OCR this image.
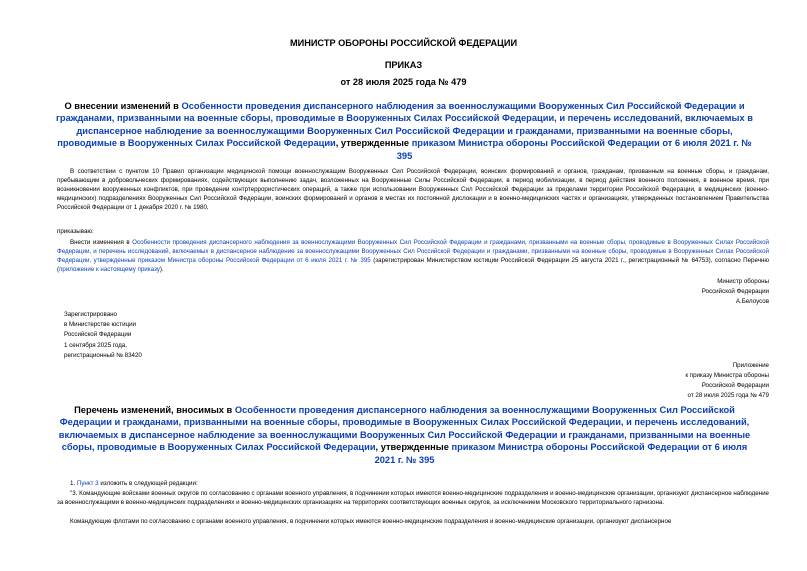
МИНИСТР ОБОРОНЫ РОССИЙСКОЙ ФЕДЕРАЦИИ
ПРИКАЗ
от 28 июля 2025 года № 479
О внесении изменений в Особенности проведения диспансерного наблюдения за военнослужащими Вооруженных Сил Российской Федерации и гражданами, призванными на военные сборы, проводимые в Вооруженных Силах Российской Федерации, и перечень исследований, включаемых в диспансерное наблюдение за военнослужащими Вооруженных Сил Российской Федерации и гражданами, призванными на военные сборы, проводимые в Вооруженных Силах Российской Федерации, утвержденные приказом Министра обороны Российской Федерации от 6 июля 2021 г. № 395
В соответствии с пунктом 10 Правил организации медицинской помощи военнослужащим Вооруженных Сил Российской Федерации, воинских формирований и органов, гражданам, призванным на военные сборы, и гражданам, пребывающим в добровольческих формированиях, содействующих выполнению задач, возложенных на Вооруженные Силы Российской Федерации, в период мобилизации, в период действия военного положения, в военное время, при возникновении вооруженных конфликтов, при проведении контртеррористических операций, а также при использовании Вооруженных Сил Российской Федерации за пределами территории Российской Федерации, в медицинских (военно-медицинских) подразделениях Вооруженных Сил Российской Федерации, воинских формирований и органов в местах их постоянной дислокации и в военно-медицинских частях и организациях, утвержденных постановлением Правительства Российской Федерации от 1 декабря 2020 г. № 1980,
приказываю:
Внести изменения в Особенности проведения диспансерного наблюдения за военнослужащими Вооруженных Сил Российской Федерации и гражданами, призванными на военные сборы, проводимые в Вооруженных Силах Российской Федерации, и перечень исследований, включаемых в диспансерное наблюдение за военнослужащими Вооруженных Сил Российской Федерации и гражданами, призванными на военные сборы, проводимые в Вооруженных Силах Российской Федерации, утвержденные приказом Министра обороны Российской Федерации от 6 июля 2021 г. № 395 (зарегистрирован Министерством юстиции Российской Федерации 25 августа 2021 г., регистрационный № 64753), согласно Перечню (приложение к настоящему приказу).
Министр обороны
Российской Федерации
А.Белоусов
Зарегистрировано
в Министерстве юстиции
Российской Федерации
1 сентября 2025 года,
регистрационный № 83420
Приложение
к приказу Министра обороны
Российской Федерации
от 28 июля 2025 года № 479
Перечень изменений, вносимых в Особенности проведения диспансерного наблюдения за военнослужащими Вооруженных Сил Российской Федерации и гражданами, призванными на военные сборы, проводимые в Вооруженных Силах Российской Федерации, и перечень исследований, включаемых в диспансерное наблюдение за военнослужащими Вооруженных Сил Российской Федерации и гражданами, призванными на военные сборы, проводимые в Вооруженных Силах Российской Федерации, утвержденные приказом Министра обороны Российской Федерации от 6 июля 2021 г. № 395
1. Пункт 3 изложить в следующей редакции:
"3. Командующие войсками военных округов по согласованию с органами военного управления, в подчинении которых имеются военно-медицинские подразделения и военно-медицинские организации, организуют диспансерное наблюдение за военнослужащими в военно-медицинских подразделениях и военно-медицинских организациях на территориях соответствующих военных округов, за исключением Московского территориального гарнизона.
Командующие флотами по согласованию с органами военного управления, в подчинении которых имеются военно-медицинские подразделения и военно-медицинские организации, организуют диспансерное
